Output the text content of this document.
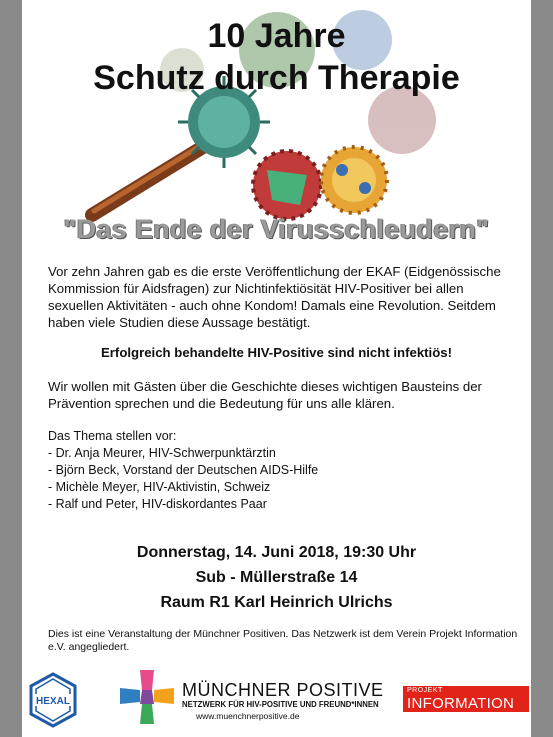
10 Jahre
Schutz durch Therapie
"Das Ende der Virusschleudern"
Vor zehn Jahren gab es die erste Veröffentlichung der EKAF (Eidgenössische Kommission für Aidsfragen) zur Nichtinfektiösität HIV-Positiver bei allen sexuellen Aktivitäten - auch ohne Kondom! Damals eine Revolution. Seitdem haben viele Studien diese Aussage bestätigt.
Erfolgreich behandelte HIV-Positive sind nicht infektiös!
Wir wollen mit Gästen über die Geschichte dieses wichtigen Bausteins der Prävention sprechen und die Bedeutung für uns alle klären.
Das Thema stellen vor:
- Dr. Anja Meurer, HIV-Schwerpunktärztin
- Björn Beck, Vorstand der Deutschen AIDS-Hilfe
- Michèle Meyer, HIV-Aktivistin, Schweiz
- Ralf und Peter, HIV-diskordantes Paar
Donnerstag, 14. Juni 2018, 19:30 Uhr
Sub - Müllerstraße 14
Raum R1 Karl Heinrich Ulrichs
Dies ist eine Veranstaltung der Münchner Positiven. Das Netzwerk ist dem Verein Projekt Information e.V. angegliedert.
HEXAL
MÜNCHNER POSITIVE
NETZWERK FÜR HIV-POSITIVE UND FREUND*INNEN
www.muenchnerpositive.de
PROJEKT
INFORMATION
